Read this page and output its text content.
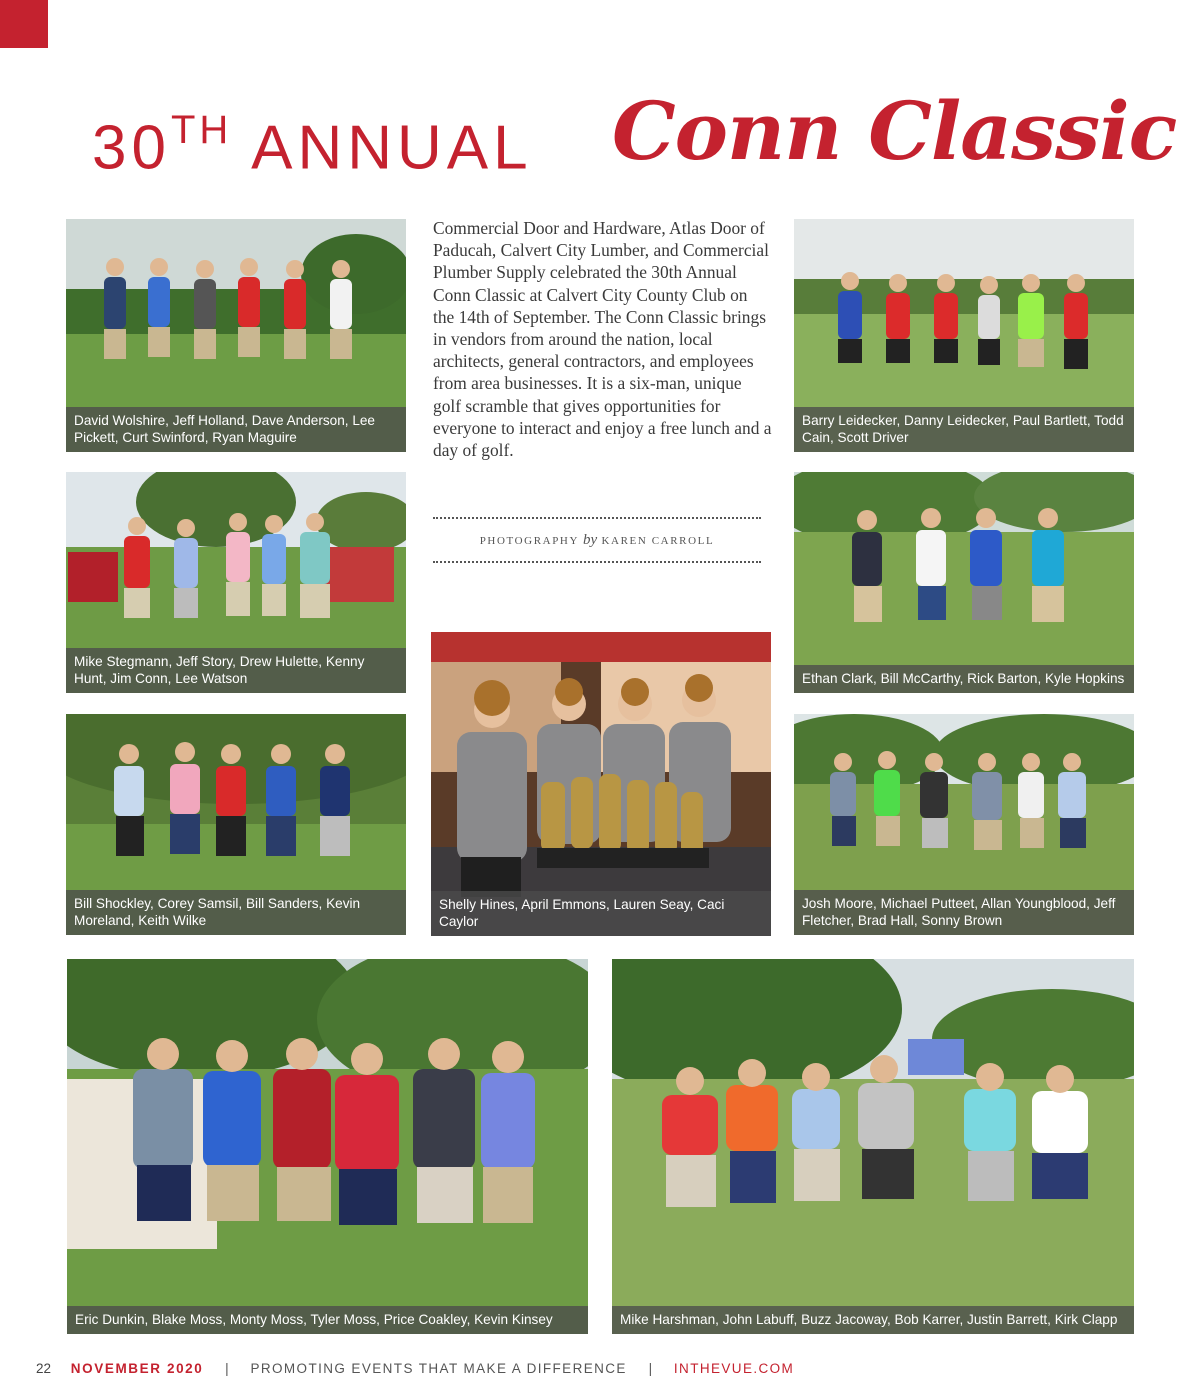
30TH ANNUAL Conn Classic

Commercial Door and Hardware, Atlas Door of Paducah, Calvert City Lumber, and Commercial Plumber Supply celebrated the 30th Annual Conn Classic at Calvert City County Club on the 14th of September. The Conn Classic brings in vendors from around the nation, local architects, general contractors, and employees from area businesses. It is a six-man, unique golf scramble that gives opportunities for everyone to interact and enjoy a free lunch and a day of golf.

PHOTOGRAPHY by KAREN CARROLL
David Wolshire, Jeff Holland, Dave Anderson, Lee Pickett, Curt Swinford, Ryan Maguire
Barry Leidecker, Danny Leidecker, Paul Bartlett, Todd Cain, Scott Driver
Mike Stegmann, Jeff Story, Drew Hulette, Kenny Hunt, Jim Conn, Lee Watson	Ethan Clark, Bill McCarthy, Rick Barton, Kyle Hopkins
Bill Shockley, Corey Samsil, Bill Sanders, Kevin Moreland, Keith Wilke
Shelly Hines, April Emmons, Lauren Seay, Caci Caylor
Josh Moore, Michael Putteet, Allan Youngblood, Jeff Fletcher, Brad Hall, Sonny Brown
Eric Dunkin, Blake Moss, Monty Moss, Tyler Moss, Price Coakley, Kevin Kinsey	Mike Harshman, John Labuff, Buzz Jacoway, Bob Karrer, Justin Barrett, Kirk Clapp
22 NOVEMBER 2020 | PROMOTING EVENTS THAT MAKE A DIFFERENCE | INTHEVUE.COM
